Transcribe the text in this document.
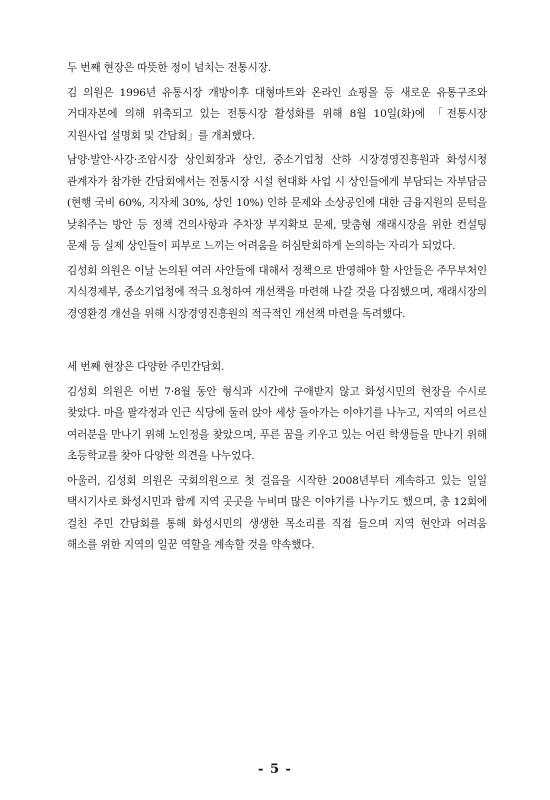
두 번째 현장은 따뜻한 정이 넘치는 전통시장.

김 의원은 1996년 유통시장 개방이후 대형마트와 온라인 쇼핑몰 등 새로운 유통구조와 거대자본에 의해 위축되고 있는 전통시장 활성화를 위해 8월 10일(화)에 「전통시장 지원사업 설명회 및 간담회」를 개최했다.

남양·발안·사강·조암시장 상인회장과 상인, 중소기업청 산하 시장경영진흥원과 화성시청 관계자가 참가한 간담회에서는 전통시장 시설 현대화 사업 시 상인들에게 부담되는 자부담금(현행 국비 60%, 지자체 30%, 상인 10%) 인하 문제와 소상공인에 대한 금융지원의 문턱을 낮춰주는 방안 등 정책 건의사항과 주차장 부지확보 문제, 맞춤형 재래시장을 위한 컨설팅 문제 등 실제 상인들이 피부로 느끼는 어려움을 허심탄회하게 논의하는 자리가 되었다.

김성회 의원은 이날 논의된 여러 사안들에 대해서 정책으로 반영해야 할 사안들은 주무부처인 지식경제부, 중소기업청에 적극 요청하여 개선책을 마련해 나갈 것을 다짐했으며, 재래시장의 경영환경 개선을 위해 시장경영진흥원의 적극적인 개선책 마련을 독려했다.

세 번째 현장은 다양한 주민간담회.

김성회 의원은 이번 7·8월 동안 형식과 시간에 구애받지 않고 화성시민의 현장을 수시로 찾았다. 마을 팔각정과 인근 식당에 둘러 앉아 세상 돌아가는 이야기를 나누고, 지역의 어르신 여러분을 만나기 위해 노인정을 찾았으며, 푸른 꿈을 키우고 있는 어린 학생들을 만나기 위해 초등학교를 찾아 다양한 의견을 나누었다.

아울러, 김성회 의원은 국회의원으로 첫 걸음을 시작한 2008년부터 계속하고 있는 일일 택시기사로 화성시민과 함께 지역 곳곳을 누비며 많은 이야기를 나누기도 했으며, 총 12회에 걸친 주민 간담회를 통해 화성시민의 생생한 목소리를 직접 들으며 지역 현안과 어려움 해소를 위한 지역의 일꾼 역할을 계속할 것을 약속했다.

- 5 -
